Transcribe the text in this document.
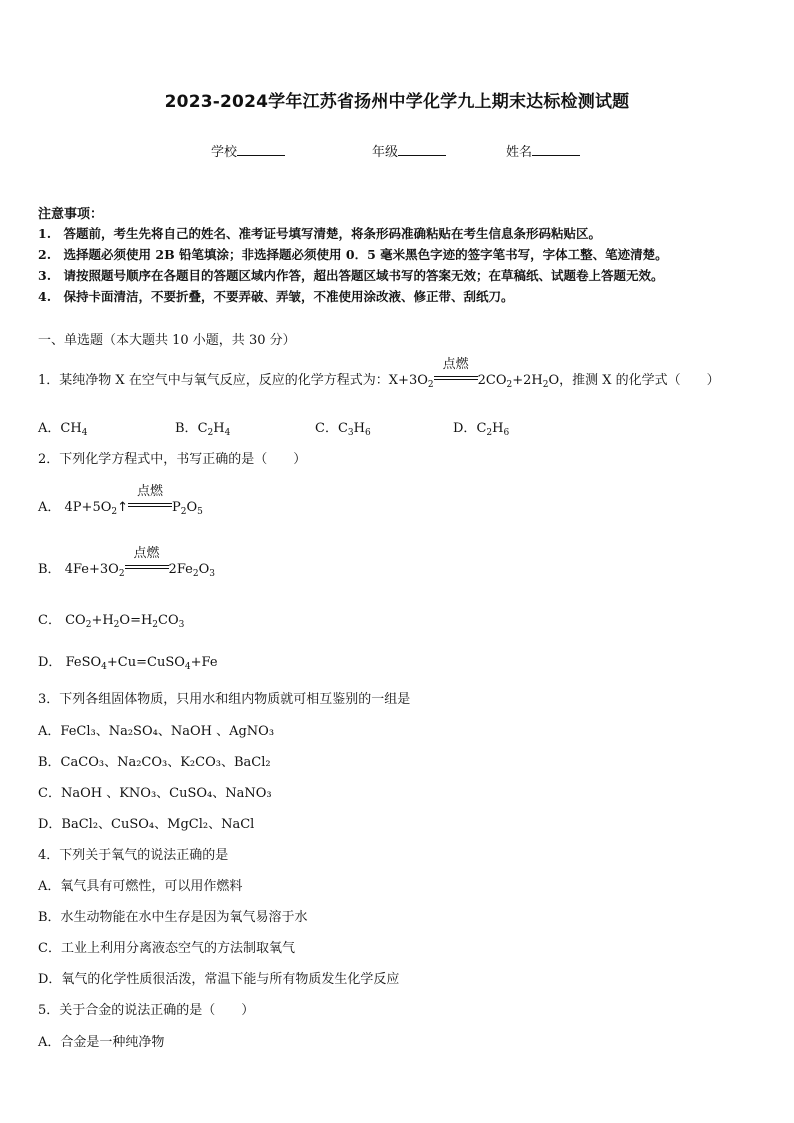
2023-2024学年江苏省扬州中学化学九上期末达标检测试题
学校	年级	姓名
注意事项：
1.　答题前，考生先将自己的姓名、准考证号填写清楚，将条形码准确粘贴在考生信息条形码粘贴区。
2.　选择题必须使用 2B 铅笔填涂；非选择题必须使用 0．5 毫米黑色字迹的签字笔书写，字体工整、笔迹清楚。
3.　请按照题号顺序在各题目的答题区域内作答，超出答题区域书写的答案无效；在草稿纸、试题卷上答题无效。
4.　保持卡面清洁，不要折叠，不要弄破、弄皱，不准使用涂改液、修正带、刮纸刀。
一、单选题（本大题共 10 小题，共 30 分）
1．某纯净物 X 在空气中与氧气反应，反应的化学方程式为：$X+3O_2$
点燃
$2CO_2+2H_2O$，推测 X 的化学式（　　）
A．$CH_4$	B．$C_2H_4$	C．$C_3H_6$	D．$C_2H_6$
2．下列化学方程式中，书写正确的是（　　）
A． $4P+5O_2↑$
点燃
$P_2O_5$
B． $4Fe+3O_2$
点燃
$2Fe_2O_3$
C． $CO_2+H_2O=H_2CO_3$
D． FeSO$_4$+Cu=CuSO$_4$+Fe
3．下列各组固体物质，只用水和组内物质就可相互鉴别的一组是
A．FeCl₃、Na₂SO₄、NaOH 、AgNO₃
B．CaCO₃、Na₂CO₃、K₂CO₃、BaCl₂
C．NaOH 、KNO₃、CuSO₄、NaNO₃
D．BaCl₂、CuSO₄、MgCl₂、NaCl
4．下列关于氧气的说法正确的是
A．氧气具有可燃性，可以用作燃料
B．水生动物能在水中生存是因为氧气易溶于水
C．工业上利用分离液态空气的方法制取氧气
D．氧气的化学性质很活泼，常温下能与所有物质发生化学反应
5．关于合金的说法正确的是（　　）
A．合金是一种纯净物
